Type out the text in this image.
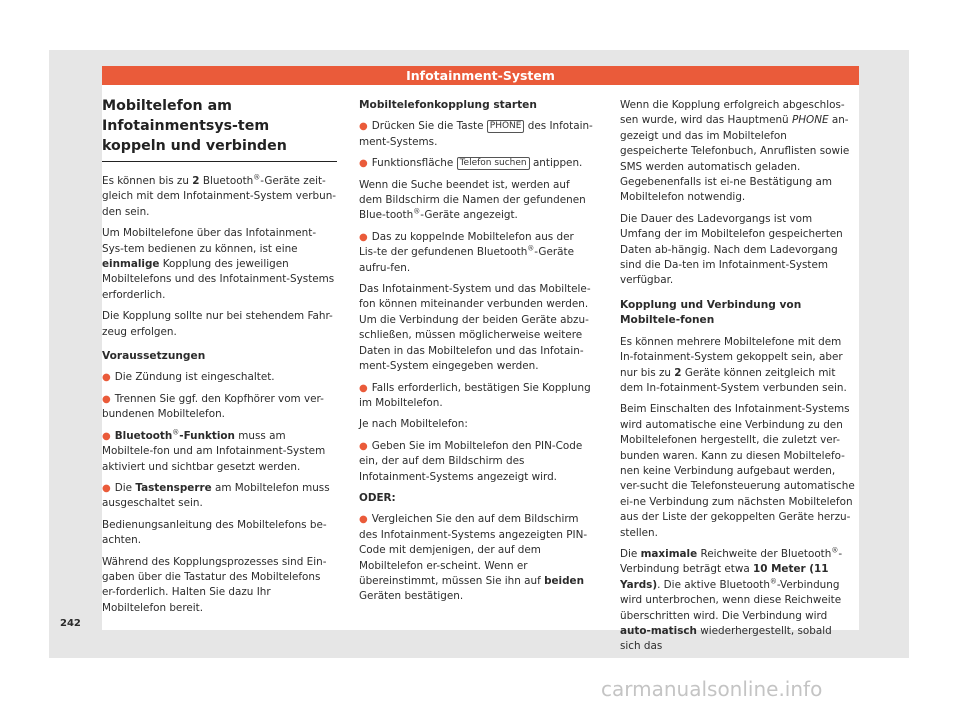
Infotainment-System
Mobiltelefon am Infotainmentsys-tem koppeln und verbinden

Es können bis zu 2 Bluetooth®-Geräte zeit-gleich mit dem Infotainment-System verbun-den sein.

Um Mobiltelefone über das Infotainment-Sys-tem bedienen zu können, ist eine einmalige Kopplung des jeweiligen Mobiltelefons und des Infotainment-Systems erforderlich.

Die Kopplung sollte nur bei stehendem Fahr-zeug erfolgen.

Voraussetzungen

● Die Zündung ist eingeschaltet.

● Trennen Sie ggf. den Kopfhörer vom ver-bundenen Mobiltelefon.

● Bluetooth®-Funktion muss am Mobiltele-fon und am Infotainment-System aktiviert und sichtbar gesetzt werden.

● Die Tastensperre am Mobiltelefon muss ausgeschaltet sein.

Bedienungsanleitung des Mobiltelefons be-achten.

Während des Kopplungsprozesses sind Ein-gaben über die Tastatur des Mobiltelefons er-forderlich. Halten Sie dazu Ihr Mobiltelefon bereit.

Mobiltelefonkopplung starten

● Drücken Sie die Taste PHONE des Infotain-ment-Systems.

● Funktionsfläche Telefon suchen antippen.

Wenn die Suche beendet ist, werden auf dem Bildschirm die Namen der gefundenen Blue-tooth®-Geräte angezeigt.

● Das zu koppelnde Mobiltelefon aus der Lis-te der gefundenen Bluetooth®-Geräte aufru-fen.

Das Infotainment-System und das Mobiltele-fon können miteinander verbunden werden. Um die Verbindung der beiden Geräte abzu-schließen, müssen möglicherweise weitere Daten in das Mobiltelefon und das Infotain-ment-System eingegeben werden.

● Falls erforderlich, bestätigen Sie Kopplung im Mobiltelefon.

Je nach Mobiltelefon:

● Geben Sie im Mobiltelefon den PIN-Code ein, der auf dem Bildschirm des Infotainment-Systems angezeigt wird.

ODER:

● Vergleichen Sie den auf dem Bildschirm des Infotainment-Systems angezeigten PIN-Code mit demjenigen, der auf dem Mobiltelefon er-scheint. Wenn er übereinstimmt, müssen Sie ihn auf beiden Geräten bestätigen.

Wenn die Kopplung erfolgreich abgeschlos-sen wurde, wird das Hauptmenü PHONE an-gezeigt und das im Mobiltelefon gespeicherte Telefonbuch, Anruflisten sowie SMS werden automatisch geladen. Gegebenenfalls ist ei-ne Bestätigung am Mobiltelefon notwendig.

Die Dauer des Ladevorgangs ist vom Umfang der im Mobiltelefon gespeicherten Daten ab-hängig. Nach dem Ladevorgang sind die Da-ten im Infotainment-System verfügbar.

Kopplung und Verbindung von Mobiltele-fonen

Es können mehrere Mobiltelefone mit dem In-fotainment-System gekoppelt sein, aber nur bis zu 2 Geräte können zeitgleich mit dem In-fotainment-System verbunden sein.

Beim Einschalten des Infotainment-Systems wird automatische eine Verbindung zu den Mobiltelefonen hergestellt, die zuletzt ver-bunden waren. Kann zu diesen Mobiltelefo-nen keine Verbindung aufgebaut werden, ver-sucht die Telefonsteuerung automatische ei-ne Verbindung zum nächsten Mobiltelefon aus der Liste der gekoppelten Geräte herzu-stellen.

Die maximale Reichweite der Bluetooth®-Verbindung beträgt etwa 10 Meter (11 Yards). Die aktive Bluetooth®-Verbindung wird unterbrochen, wenn diese Reichweite überschritten wird. Die Verbindung wird auto-matisch wiederhergestellt, sobald sich das

242
carmanualsonline.info
